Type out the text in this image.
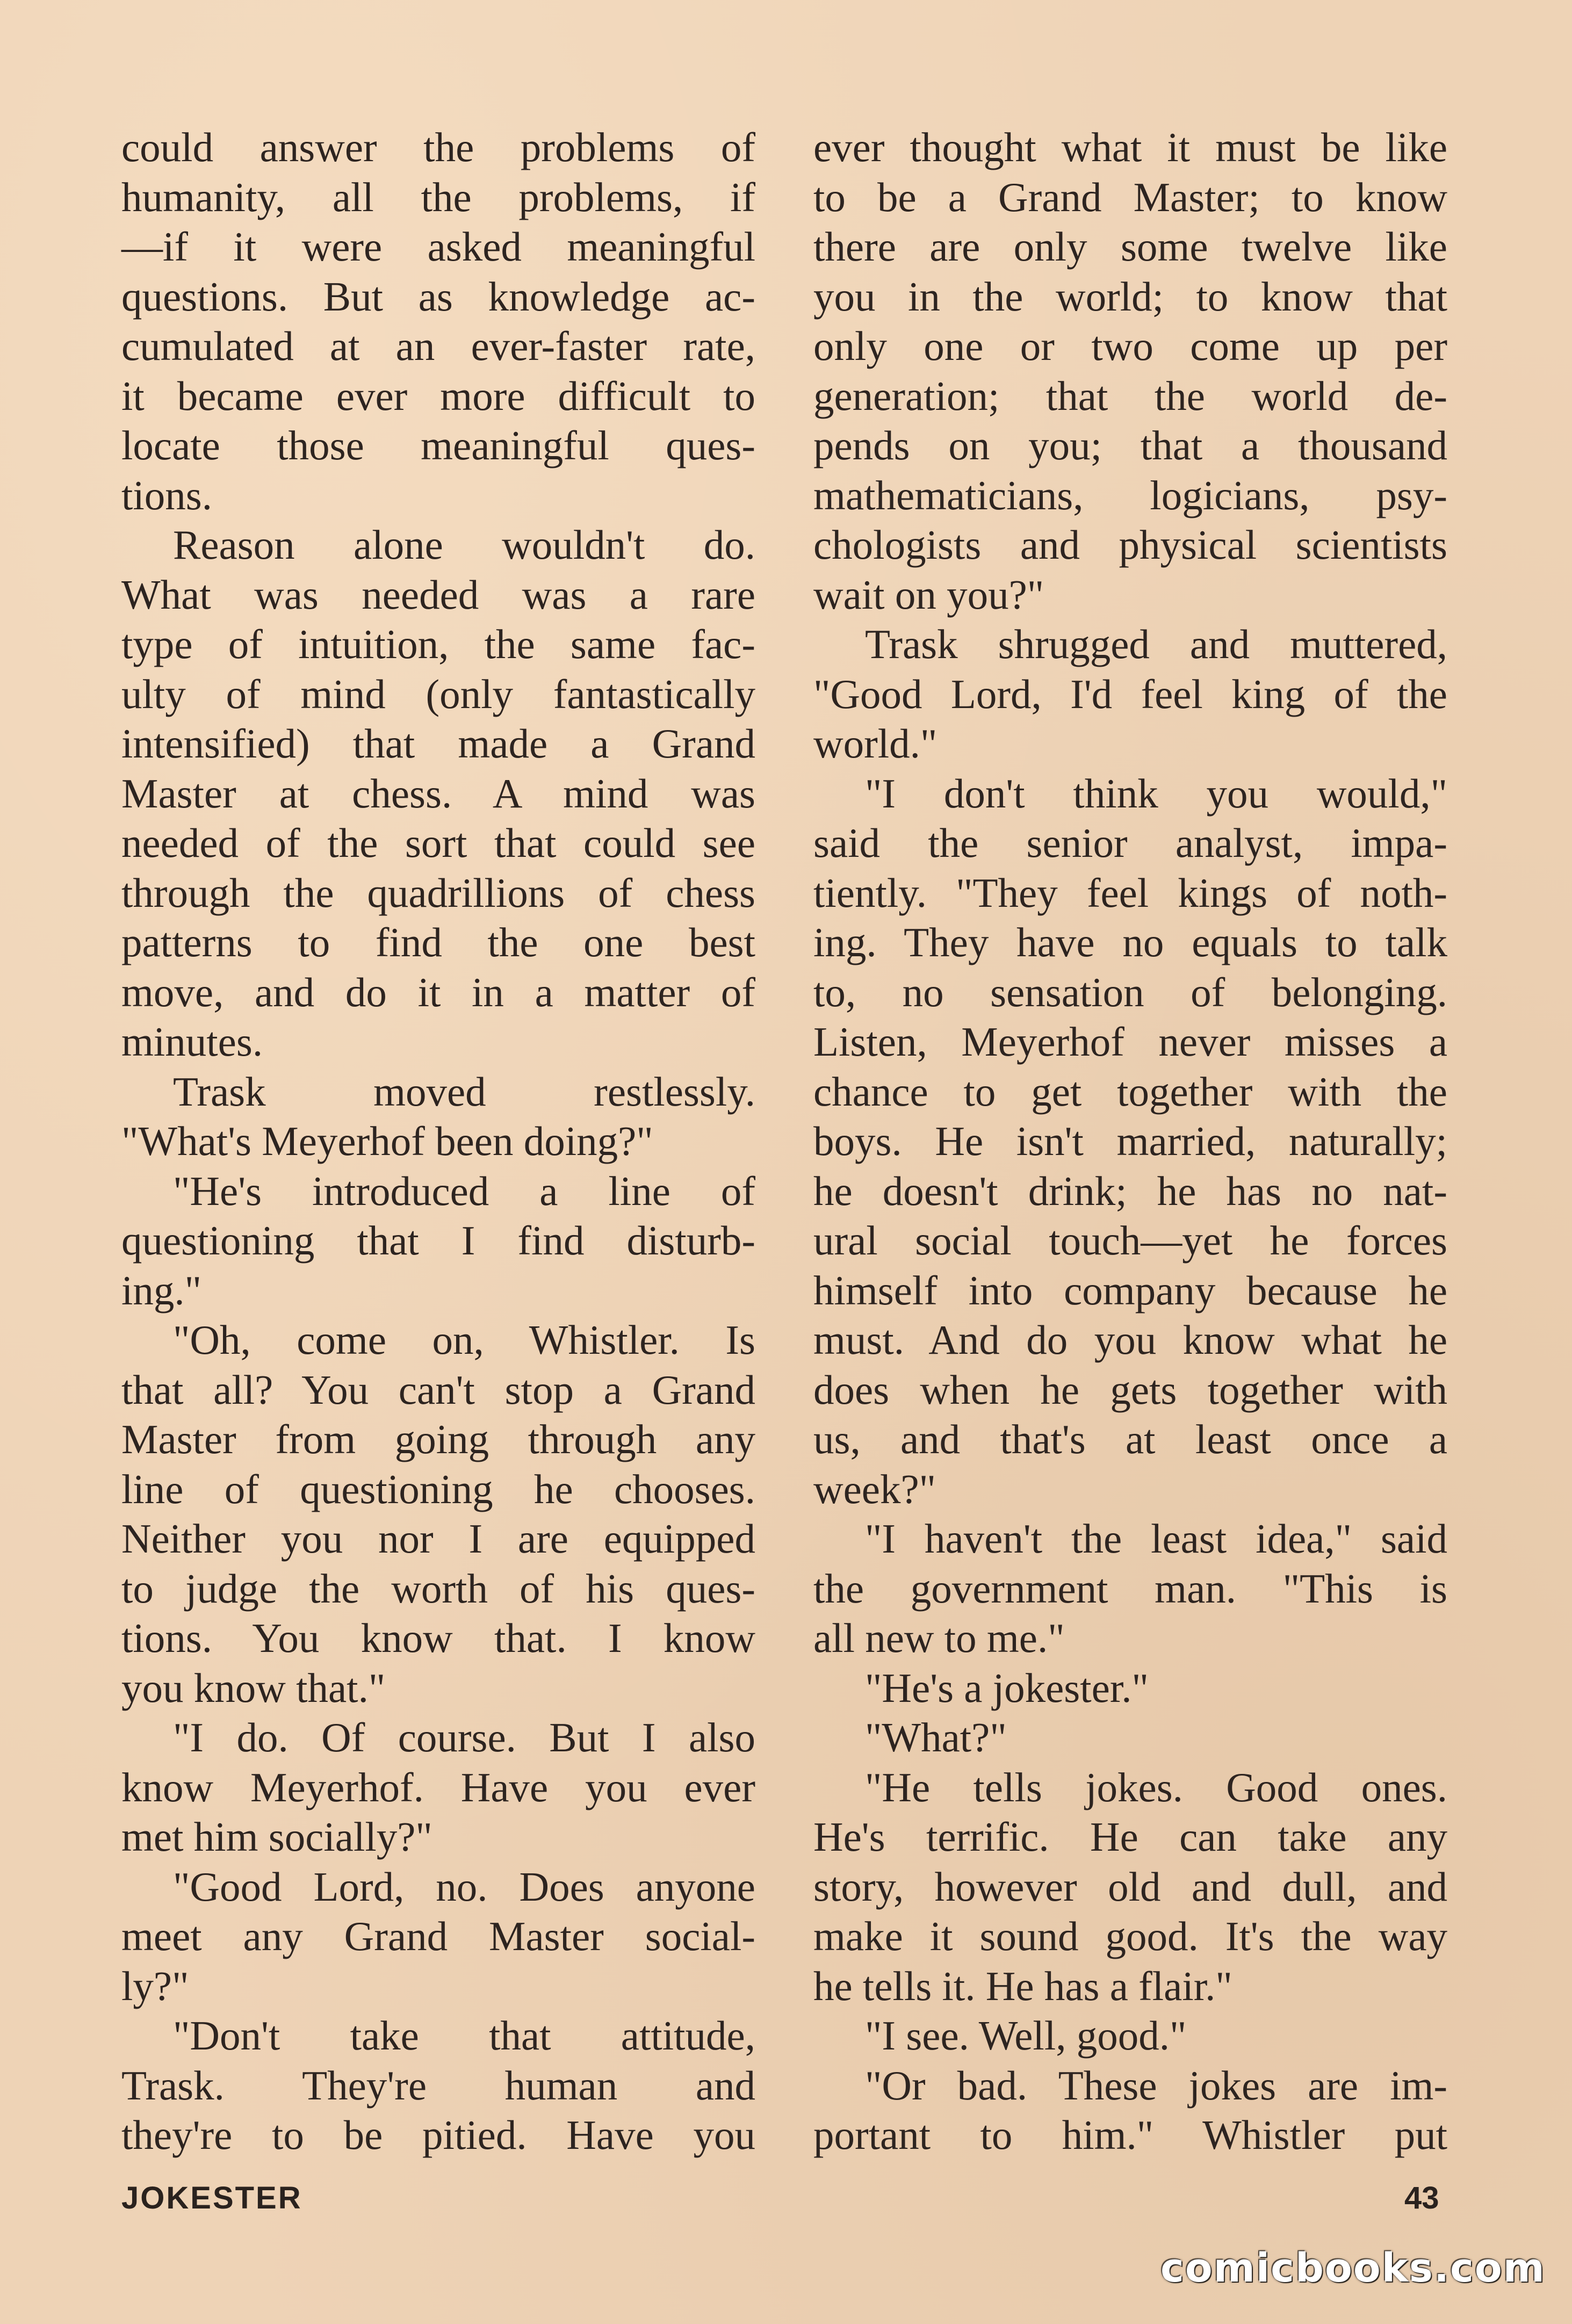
could answer the problems of
humanity, all the problems, if
—if it were asked meaningful
questions. But as knowledge ac-
cumulated at an ever-faster rate,
it became ever more difficult to
locate those meaningful ques-
tions.
Reason alone wouldn't do.
What was needed was a rare
type of intuition, the same fac-
ulty of mind (only fantastically
intensified) that made a Grand
Master at chess. A mind was
needed of the sort that could see
through the quadrillions of chess
patterns to find the one best
move, and do it in a matter of
minutes.
Trask moved restlessly.
"What's Meyerhof been doing?"
"He's introduced a line of
questioning that I find disturb-
ing."
"Oh, come on, Whistler. Is
that all? You can't stop a Grand
Master from going through any
line of questioning he chooses.
Neither you nor I are equipped
to judge the worth of his ques-
tions. You know that. I know
you know that."
"I do. Of course. But I also
know Meyerhof. Have you ever
met him socially?"
"Good Lord, no. Does anyone
meet any Grand Master social-
ly?"
"Don't take that attitude,
Trask. They're human and
they're to be pitied. Have you
ever thought what it must be like
to be a Grand Master; to know
there are only some twelve like
you in the world; to know that
only one or two come up per
generation; that the world de-
pends on you; that a thousand
mathematicians, logicians, psy-
chologists and physical scientists
wait on you?"
Trask shrugged and muttered,
"Good Lord, I'd feel king of the
world."
"I don't think you would,"
said the senior analyst, impa-
tiently. "They feel kings of noth-
ing. They have no equals to talk
to, no sensation of belonging.
Listen, Meyerhof never misses a
chance to get together with the
boys. He isn't married, naturally;
he doesn't drink; he has no nat-
ural social touch—yet he forces
himself into company because he
must. And do you know what he
does when he gets together with
us, and that's at least once a
week?"
"I haven't the least idea," said
the government man. "This is
all new to me."
"He's a jokester."
"What?"
"He tells jokes. Good ones.
He's terrific. He can take any
story, however old and dull, and
make it sound good. It's the way
he tells it. He has a flair."
"I see. Well, good."
"Or bad. These jokes are im-
portant to him." Whistler put
JOKESTER	43
comicbooks.com
